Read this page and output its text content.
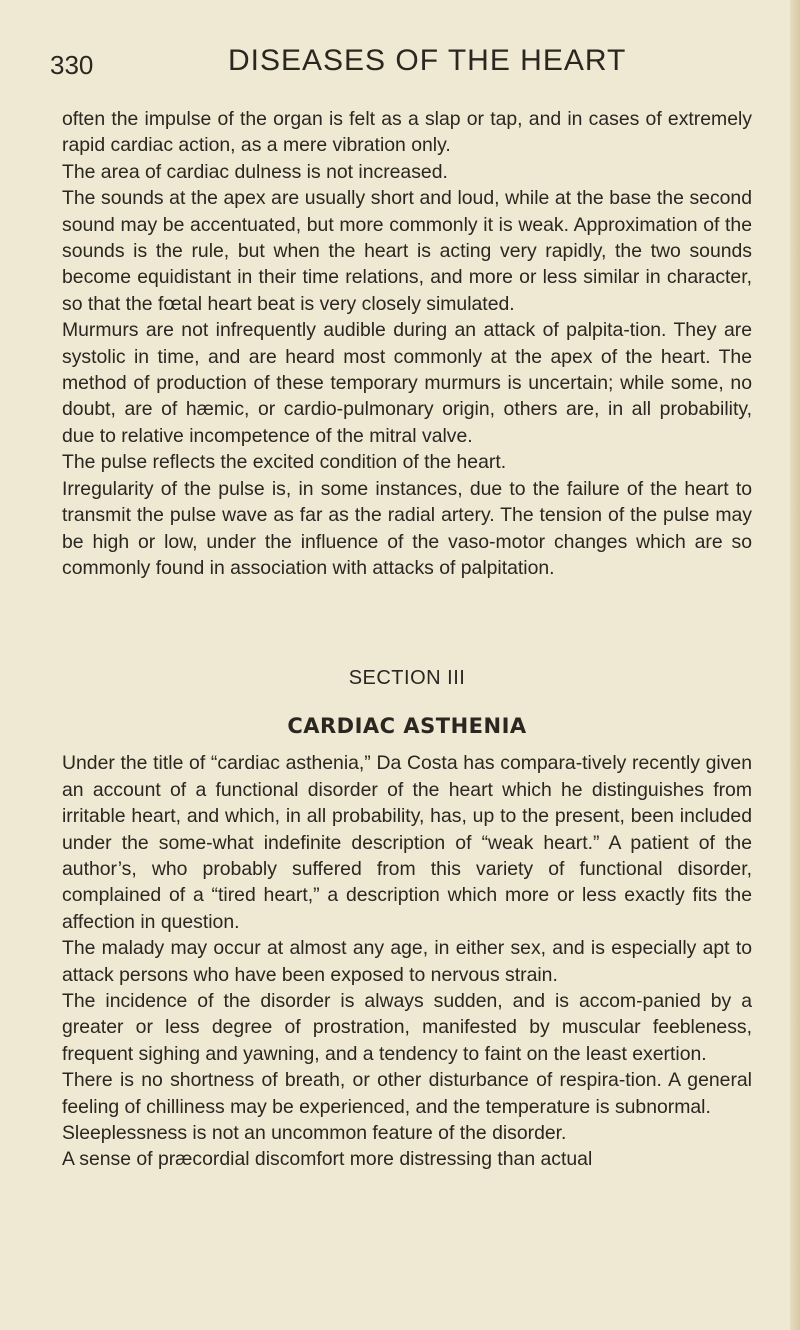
330	DISEASES OF THE HEART

often the impulse of the organ is felt as a slap or tap, and in cases of extremely rapid cardiac action, as a mere vibration only.

The area of cardiac dulness is not increased.

The sounds at the apex are usually short and loud, while at the base the second sound may be accentuated, but more commonly it is weak. Approximation of the sounds is the rule, but when the heart is acting very rapidly, the two sounds become equidistant in their time relations, and more or less similar in character, so that the fœtal heart beat is very closely simulated.

Murmurs are not infrequently audible during an attack of palpita-tion. They are systolic in time, and are heard most commonly at the apex of the heart. The method of production of these temporary murmurs is uncertain; while some, no doubt, are of hæmic, or cardio-pulmonary origin, others are, in all probability, due to relative incompetence of the mitral valve.

The pulse reflects the excited condition of the heart.

Irregularity of the pulse is, in some instances, due to the failure of the heart to transmit the pulse wave as far as the radial artery. The tension of the pulse may be high or low, under the influence of the vaso-motor changes which are so commonly found in association with attacks of palpitation.

SECTION III
CARDIAC ASTHENIA

Under the title of “cardiac asthenia,” Da Costa has compara-tively recently given an account of a functional disorder of the heart which he distinguishes from irritable heart, and which, in all probability, has, up to the present, been included under the some-what indefinite description of “weak heart.” A patient of the author’s, who probably suffered from this variety of functional disorder, complained of a “tired heart,” a description which more or less exactly fits the affection in question.

The malady may occur at almost any age, in either sex, and is especially apt to attack persons who have been exposed to nervous strain.

The incidence of the disorder is always sudden, and is accom-panied by a greater or less degree of prostration, manifested by muscular feebleness, frequent sighing and yawning, and a tendency to faint on the least exertion.

There is no shortness of breath, or other disturbance of respira-tion. A general feeling of chilliness may be experienced, and the temperature is subnormal.

Sleeplessness is not an uncommon feature of the disorder.

A sense of præcordial discomfort more distressing than actual
